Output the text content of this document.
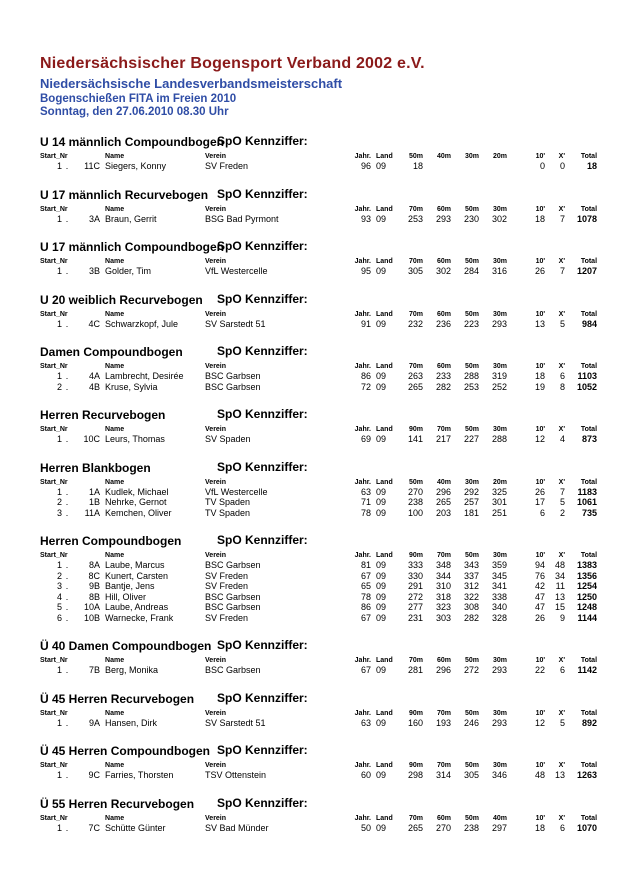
Niedersächsischer Bogensport Verband 2002 e.V.
Niedersächsische Landesverbandsmeisterschaft
Bogenschießen FITA im Freien 2010
Sonntag, den 27.06.2010 08.30 Uhr
U 14 männlich Compoundbogen
SpO Kennziffer:
Start_Nr			Name	Verein	Jahr.	Land	50m	40m	30m	20m	10'	X'	Total
1	.	11C	Siegers, Konny	SV Freden	96	09	18				0	0	18
U 17 männlich Recurvebogen SpO Kennziffer:
Start_Nr			Name	Verein	Jahr.	Land	70m	60m	50m	30m	10'	X'	Total
1	.	3A	Braun, Gerrit	BSG Bad Pyrmont	93	09	253	293	230	302	18	7	1078
U 17 männlich Compoundbogen
SpO Kennziffer:
Start_Nr			Name	Verein	Jahr.	Land	70m	60m	50m	30m	10'	X'	Total
1	.	3B	Golder, Tim	VfL Westercelle	95	09	305	302	284	316	26	7	1207
U 20 weiblich Recurvebogen SpO Kennziffer:
Start_Nr			Name	Verein	Jahr.	Land	70m	60m	50m	30m	10'	X'	Total
1	.	4C	Schwarzkopf, Jule	SV Sarstedt 51	91	09	232	236	223	293	13	5	984
Damen Compoundbogen	SpO Kennziffer:
Start_Nr			Name	Verein	Jahr.	Land	70m	60m	50m	30m	10'	X'	Total
1	.	4A	Lambrecht, Desirée	BSC Garbsen	86	09	263	233	288	319	18	6	1103
2	.	4B	Kruse, Sylvia	BSC Garbsen	72	09	265	282	253	252	19	8	1052
Herren Recurvebogen	SpO Kennziffer:
Start_Nr			Name	Verein	Jahr.	Land	90m	70m	50m	30m	10'	X'	Total
1	.	10C	Leurs, Thomas	SV Spaden	69	09	141	217	227	288	12	4	873
Herren Blankbogen	SpO Kennziffer:
Start_Nr			Name	Verein	Jahr.	Land	50m	40m	30m	20m	10'	X'	Total
1	.	1A	Kudlek, Michael	VfL Westercelle	63	09	270	296	292	325	26	7	1183
2	.	1B	Nehrke, Gernot	TV Spaden	71	09	238	265	257	301	17	5	1061
3	.	11A	Kemchen, Oliver	TV Spaden	78	09	100	203	181	251	6	2	735
Herren Compoundbogen	SpO Kennziffer:
Start_Nr			Name	Verein	Jahr.	Land	90m	70m	50m	30m	10'	X'	Total
1	.	8A	Laube, Marcus	BSC Garbsen	81	09	333	348	343	359	94	48	1383
2	.	8C	Kunert, Carsten	SV Freden	67	09	330	344	337	345	76	34	1356
3	.	9B	Bantje, Jens	SV Freden	65	09	291	310	312	341	42	11	1254
4	.	8B	Hill, Oliver	BSC Garbsen	78	09	272	318	322	338	47	13	1250
5	.	10A	Laube, Andreas	BSC Garbsen	86	09	277	323	308	340	47	15	1248
6	.	10B	Warnecke, Frank	SV Freden	67	09	231	303	282	328	26	9	1144
Ü 40 Damen Compoundbogen SpO Kennziffer:
Start_Nr			Name	Verein	Jahr.	Land	70m	60m	50m	30m	10'	X'	Total
1	.	7B	Berg, Monika	BSC Garbsen	67	09	281	296	272	293	22	6	1142
Ü 45 Herren Recurvebogen SpO Kennziffer:
Start_Nr			Name	Verein	Jahr.	Land	90m	70m	50m	30m	10'	X'	Total
1	.	9A	Hansen, Dirk	SV Sarstedt 51	63	09	160	193	246	293	12	5	892
Ü 45 Herren Compoundbogen SpO Kennziffer:
Start_Nr			Name	Verein	Jahr.	Land	90m	70m	50m	30m	10'	X'	Total
1	.	9C	Farries, Thorsten	TSV Ottenstein	60	09	298	314	305	346	48	13	1263
Ü 55 Herren Recurvebogen SpO Kennziffer:
Start_Nr			Name	Verein	Jahr.	Land	70m	60m	50m	40m	10'	X'	Total
1	.	7C	Schütte Günter	SV Bad Münder	50	09	265	270	238	297	18	6	1070
